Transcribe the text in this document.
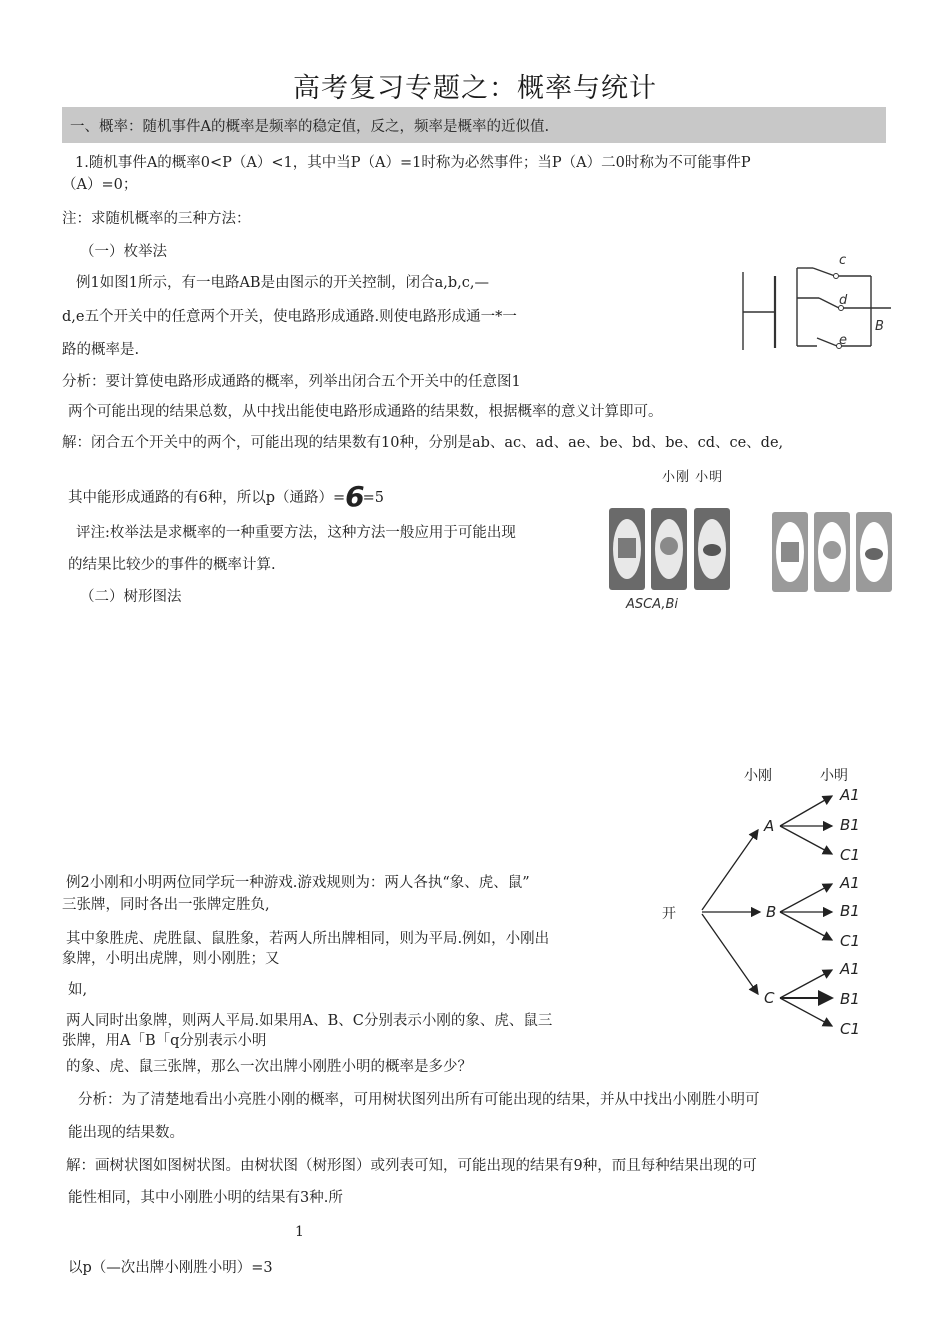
高考复习专题之：概率与统计
一、概率：随机事件A的概率是频率的稳定值，反之，频率是概率的近似值.
1.随机事件A的概率0<P（A）<1，其中当P（A）=1时称为必然事件；当P（A）二0时称为不可能事件P
（A）=0；
注：求随机概率的三种方法：
（一）枚举法
例1如图1所示，有一电路AB是由图示的开关控制，闭合a,b,c,—
d,e五个开关中的任意两个开关，使电路形成通路.则使电路形成通一*一
路的概率是.
分析：要计算使电路形成通路的概率，列举出闭合五个开关中的任意图1
两个可能出现的结果总数，从中找出能使电路形成通路的结果数，根据概率的意义计算即可。
解：闭合五个开关中的两个，可能出现的结果数有10种，分别是ab、ac、ad、ae、be、bd、be、cd、ce、de,
其中能形成通路的有6种，所以p（通路）=6=5
评注:枚举法是求概率的一种重要方法，这种方法一般应用于可能出现
的结果比较少的事件的概率计算.
（二）树形图法
例2小刚和小明两位同学玩一种游戏.游戏规则为：两人各执“象、虎、鼠”
三张牌，同时各出一张牌定胜负,
其中象胜虎、虎胜鼠、鼠胜象，若两人所出牌相同，则为平局.例如，小刚出
象牌，小明出虎牌，则小刚胜；又
如,
两人同时出象牌，则两人平局.如果用A、B、C分别表示小刚的象、虎、鼠三
张牌，用A「B「q分别表示小明
的象、虎、鼠三张牌，那么一次出牌小刚胜小明的概率是多少？
分析：为了清楚地看出小亮胜小刚的概率，可用树状图列出所有可能出现的结果，并从中找出小刚胜小明可
能出现的结果数。
解：画树状图如图树状图。由树状图（树形图）或列表可知，可能出现的结果有9种，而且每种结果出现的可
能性相同，其中小刚胜小明的结果有3种.所
1
以p（—次出牌小刚胜小明）=3
c
d
e
B
小刚 小明
ASCA,Bi
小刚	小明
开
A
B
C
A1
B1
C1
A1
B1
C1
A1
B1
C1
